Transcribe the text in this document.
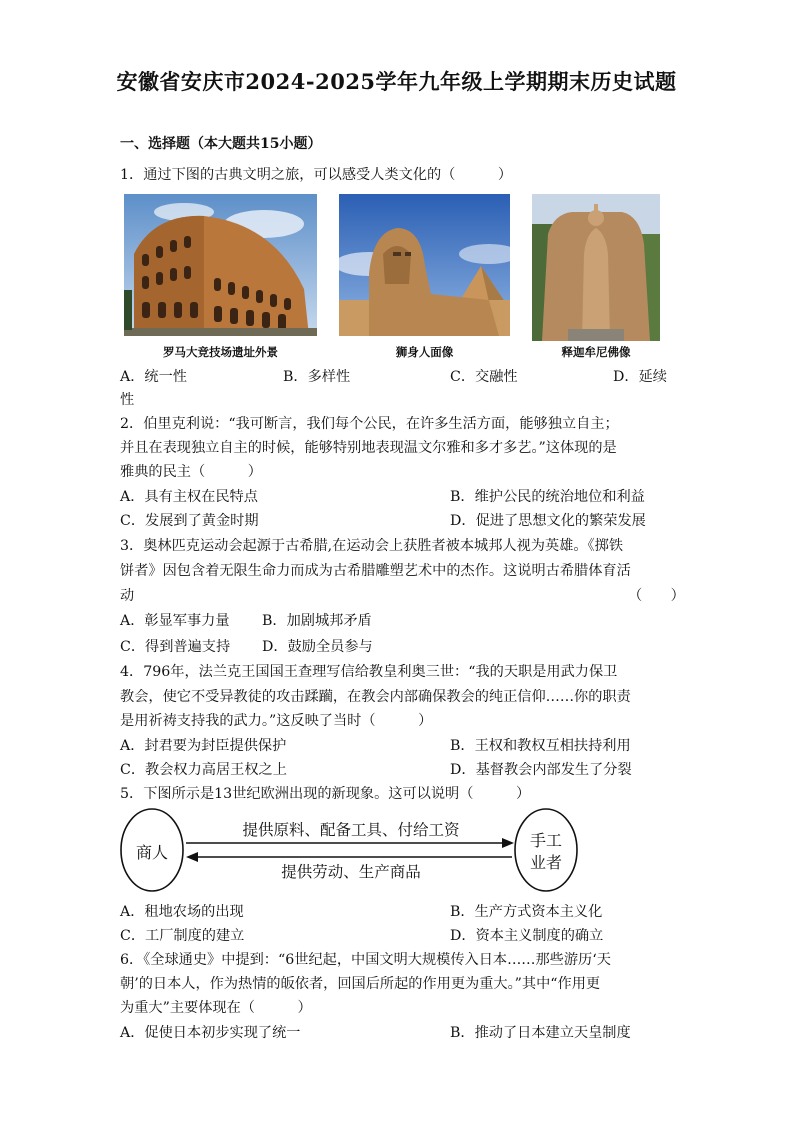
安徽省安庆市2024-2025学年九年级上学期期末历史试题
一、选择题（本大题共15小题）
1．通过下图的古典文明之旅，可以感受人类文化的（　　　）
罗马大竞技场遗址外景	狮身人面像	释迦牟尼佛像
A．统一性	B．多样性	C．交融性	D．延续
性
2．伯里克利说：“我可断言，我们每个公民，在许多生活方面，能够独立自主；
并且在表现独立自主的时候，能够特别地表现温文尔雅和多才多艺。”这体现的是
雅典的民主（　　　）
A．具有主权在民特点	B．维护公民的统治地位和利益
C．发展到了黄金时期	D．促进了思想文化的繁荣发展
3．奥林匹克运动会起源于古希腊,在运动会上获胜者被本城邦人视为英雄。《掷铁
饼者》因包含着无限生命力而成为古希腊雕塑艺术中的杰作。这说明古希腊体育活
动	（　　）
A．彰显军事力量 B．加剧城邦矛盾
C．得到普遍支持 D．鼓励全员参与
4．796年，法兰克王国国王查理写信给教皇利奥三世：“我的天职是用武力保卫
教会，使它不受异教徒的攻击蹂躏，在教会内部确保教会的纯正信仰……你的职责
是用祈祷支持我的武力。”这反映了当时（　　　）
A．封君要为封臣提供保护	B．王权和教权互相扶持利用
C．教会权力高居王权之上	D．基督教会内部发生了分裂
5．下图所示是13世纪欧洲出现的新现象。这可以说明（　　　）
商人
手工
业者
提供原料、配备工具、付给工资
提供劳动、生产商品
A．租地农场的出现	B．生产方式资本主义化
C．工厂制度的建立	D．资本主义制度的确立
6．《全球通史》中提到：“6世纪起，中国文明大规模传入日本……那些游历‘天
朝’的日本人，作为热情的皈依者，回国后所起的作用更为重大。”其中“作用更
为重大”主要体现在（　　　）
A．促使日本初步实现了统一	B．推动了日本建立天皇制度
